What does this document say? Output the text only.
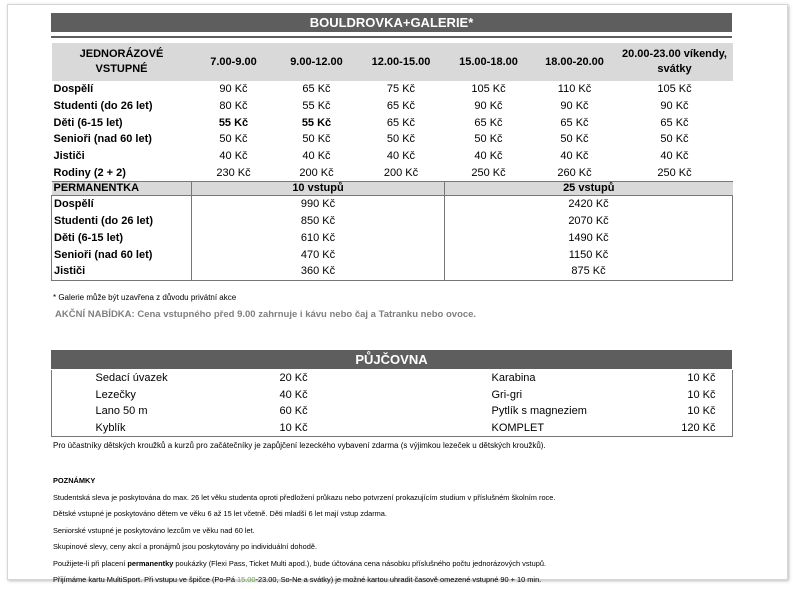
BOULDROVKA+GALERIE*
JEDNORÁZOVÉ VSTUPNÉ	7.00-9.00	9.00-12.00	12.00-15.00	15.00-18.00	18.00-20.00	20.00-23.00 víkendy, svátky
Dospělí	90 Kč	65 Kč	75 Kč	105 Kč	110 Kč	105 Kč
Studenti (do 26 let)	80 Kč	55 Kč	65 Kč	90 Kč	90 Kč	90 Kč
Děti (6-15 let)	55 Kč	55 Kč	65 Kč	65 Kč	65 Kč	65 Kč
Senioři (nad 60 let)	50 Kč	50 Kč	50 Kč	50 Kč	50 Kč	50 Kč
Jističi	40 Kč	40 Kč	40 Kč	40 Kč	40 Kč	40 Kč
Rodiny (2 + 2)	230 Kč	200 Kč	200 Kč	250 Kč	260 Kč	250 Kč
PERMANENTKA	10 vstupů			25 vstupů		
Dospělí	990 Kč			2420 Kč		
Studenti (do 26 let)	850 Kč			2070 Kč		
Děti (6-15 let)	610 Kč			1490 Kč		
Senioři (nad 60 let)	470 Kč			1150 Kč		
Jističi	360 Kč			875 Kč		
* Galerie může být uzavřena z důvodu privátní akce
AKČNÍ NABÍDKA: Cena vstupného před 9.00 zahrnuje i kávu nebo čaj a Tatranku nebo ovoce.
PŮJČOVNA
	Sedací úvazek	20 Kč		Karabina	10 Kč	
	Lezečky	40 Kč		Gri-gri	10 Kč	
	Lano 50 m	60 Kč		Pytlík s magneziem	10 Kč	
	Kyblík	10 Kč		KOMPLET	120 Kč	
Pro účastníky dětských kroužků a kurzů pro začátečníky je zapůjčení lezeckého vybavení zdarma (s výjimkou lezeček u dětských kroužků).
POZNÁMKY
Studentská sleva je poskytována do max. 26 let věku studenta oproti předložení průkazu nebo potvrzení prokazujícím studium v příslušném školním roce.
Dětské vstupné je poskytováno dětem ve věku 6 až 15 let včetně. Děti mladší 6 let mají vstup zdarma.
Seniorské vstupné je poskytováno lezcům ve věku nad 60 let.
Skupinové slevy, ceny akcí a pronájmů jsou poskytovány po individuální dohodě.
Použijete-li při placení permanentky poukázky (Flexi Pass, Ticket Multi apod.), bude účtována cena násobku příslušného počtu jednorázových vstupů.
Přijímáme kartu MultiSport. Při vstupu ve špičce (Po-Pá 15.00-23.00, So-Ne a svátky) je možné kartou uhradit časově omezené vstupné 90 + 10 min.
